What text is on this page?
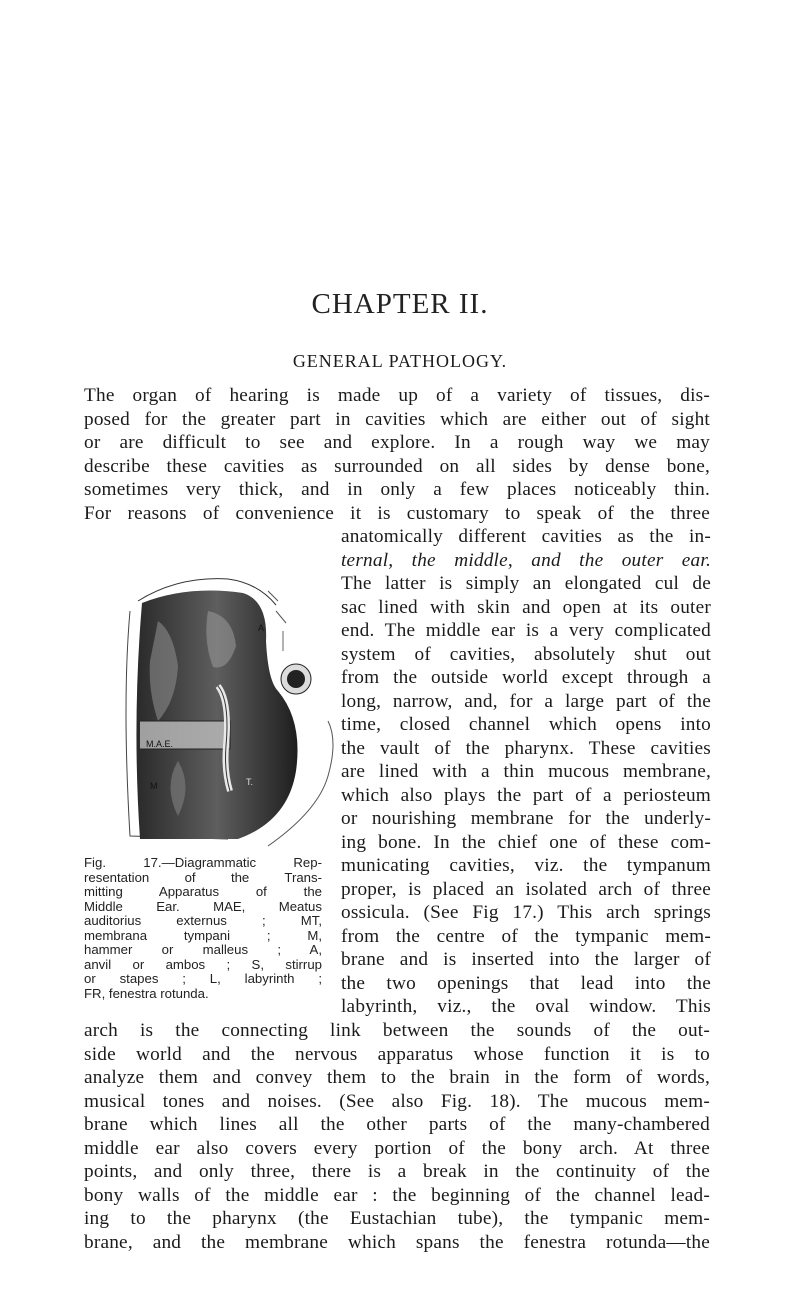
CHAPTER II.
GENERAL PATHOLOGY.
The organ of hearing is made up of a variety of tissues, dis-
posed for the greater part in cavities which are either out of sight
or are difficult to see and explore. In a rough way we may
describe these cavities as surrounded on all sides by dense bone,
sometimes very thick, and in only a few places noticeably thin.
For reasons of convenience it is customary to speak of the three
M.A.E.
M	T.
A
anatomically different cavities as the in-
ternal, the middle, and the outer ear.
The latter is simply an elongated cul de
sac lined with skin and open at its outer
end. The middle ear is a very complicated
system of cavities, absolutely shut out
from the outside world except through a
long, narrow, and, for a large part of the
time, closed channel which opens into
the vault of the pharynx. These cavities
are lined with a thin mucous membrane,
which also plays the part of a periosteum
or nourishing membrane for the underly-
ing bone. In the chief one of these com-
municating cavities, viz. the tympanum
proper, is placed an isolated arch of three
ossicula. (See Fig 17.) This arch springs
from the centre of the tympanic mem-
brane and is inserted into the larger of
the two openings that lead into the
labyrinth, viz., the oval window. This
Fig. 17.—Diagrammatic Rep-
resentation of the Trans-
mitting Apparatus of the
Middle Ear. MAE, Meatus
auditorius externus ; MT,
membrana tympani ; M,
hammer or malleus ; A,
anvil or ambos ; S, stirrup
or stapes ; L, labyrinth ;
FR, fenestra rotunda.
arch is the connecting link between the sounds of the out-
side world and the nervous apparatus whose function it is to
analyze them and convey them to the brain in the form of words,
musical tones and noises. (See also Fig. 18). The mucous mem-
brane which lines all the other parts of the many-chambered
middle ear also covers every portion of the bony arch. At three
points, and only three, there is a break in the continuity of the
bony walls of the middle ear : the beginning of the channel lead-
ing to the pharynx (the Eustachian tube), the tympanic mem-
brane, and the membrane which spans the fenestra rotunda—the
